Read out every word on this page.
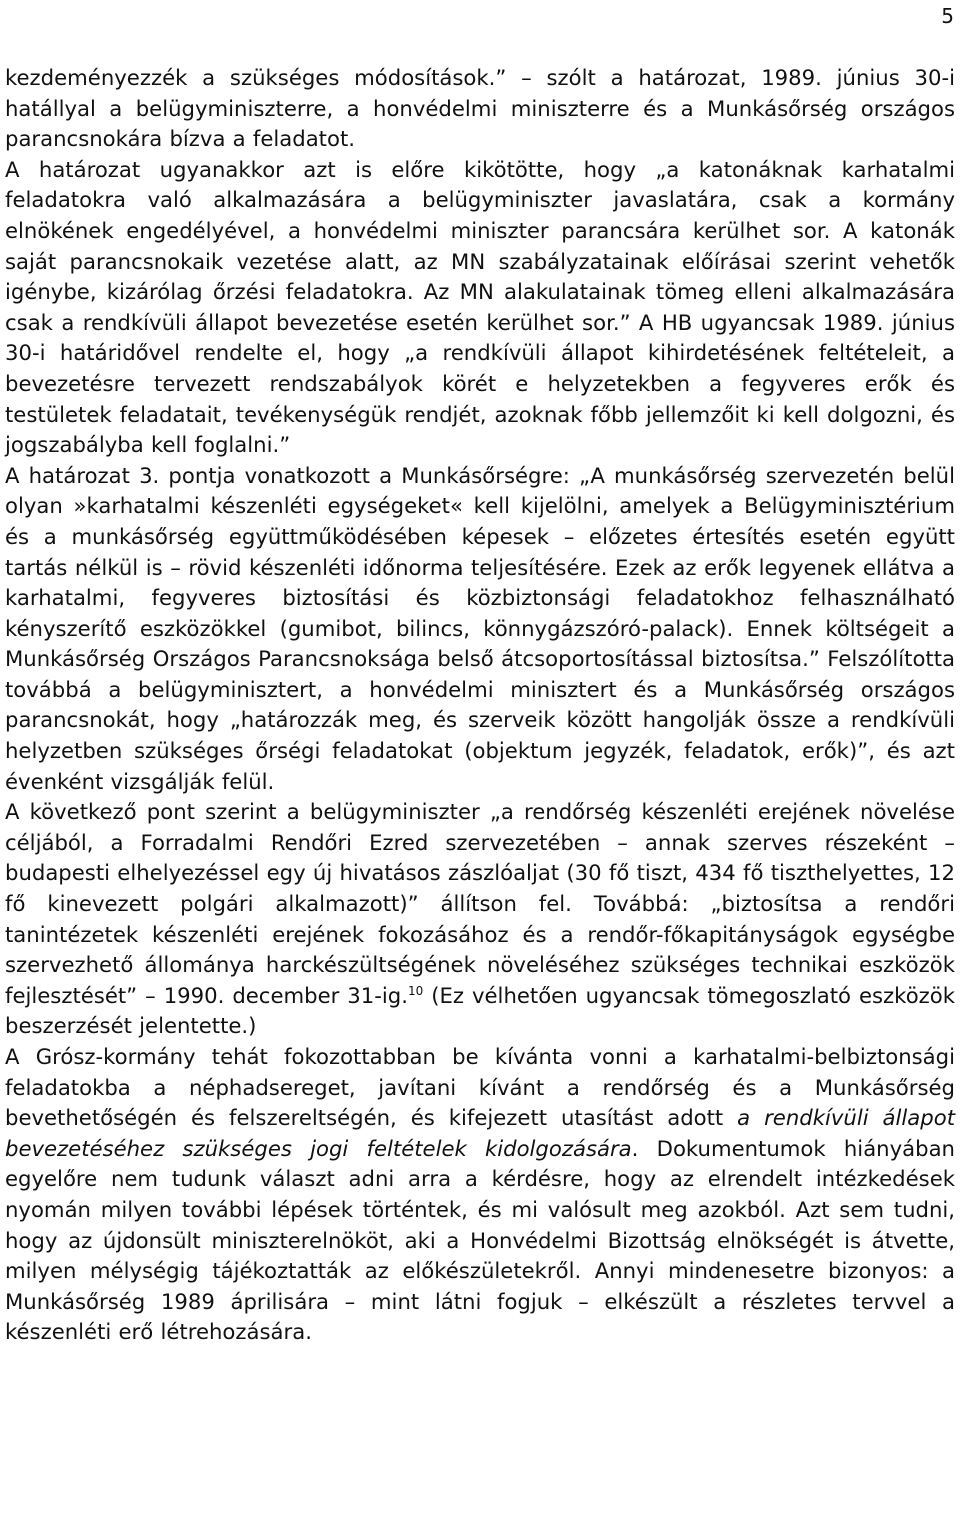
5

kezdeményezzék a szükséges módosítások.” – szólt a határozat, 1989. június 30-i hatállyal a belügyminiszterre, a honvédelmi miniszterre és a Munkásőrség országos parancsnokára bízva a feladatot.

A határozat ugyanakkor azt is előre kikötötte, hogy „a katonáknak karhatalmi feladatokra való alkalmazására a belügyminiszter javaslatára, csak a kormány elnökének engedélyével, a honvédelmi miniszter parancsára kerülhet sor. A katonák saját parancsnokaik vezetése alatt, az MN szabályzatainak előírásai szerint vehetők igénybe, kizárólag őrzési feladatokra. Az MN alakulatainak tömeg elleni alkalmazására csak a rendkívüli állapot bevezetése esetén kerülhet sor.” A HB ugyancsak 1989. június 30-i határidővel rendelte el, hogy „a rendkívüli állapot kihirdetésének feltételeit, a bevezetésre tervezett rendszabályok körét e helyzetekben a fegyveres erők és testületek feladatait, tevékenységük rendjét, azoknak főbb jellemzőit ki kell dolgozni, és jogszabályba kell foglalni.”

A határozat 3. pontja vonatkozott a Munkásőrségre: „A munkásőrség szervezetén belül olyan »karhatalmi készenléti egységeket« kell kijelölni, amelyek a Belügyminisztérium és a munkásőrség együttműködésében képesek – előzetes értesítés esetén együtt tartás nélkül is – rövid készenléti időnorma teljesítésére. Ezek az erők legyenek ellátva a karhatalmi, fegyveres biztosítási és közbiztonsági feladatokhoz felhasználható kényszerítő eszközökkel (gumibot, bilincs, könnygázszóró-palack). Ennek költségeit a Munkásőrség Országos Parancsnoksága belső átcsoportosítással biztosítsa.” Felszólította továbbá a belügyminisztert, a honvédelmi minisztert és a Munkásőrség országos parancsnokát, hogy „határozzák meg, és szerveik között hangolják össze a rendkívüli helyzetben szükséges őrségi feladatokat (objektum jegyzék, feladatok, erők)”, és azt évenként vizsgálják felül.

A következő pont szerint a belügyminiszter „a rendőrség készenléti erejének növelése céljából, a Forradalmi Rendőri Ezred szervezetében – annak szerves részeként – budapesti elhelyezéssel egy új hivatásos zászlóaljat (30 fő tiszt, 434 fő tiszthelyettes, 12 fő kinevezett polgári alkalmazott)” állítson fel. Továbbá: „biztosítsa a rendőri tanintézetek készenléti erejének fokozásához és a rendőr-főkapitányságok egységbe szervezhető állománya harckészültségének növeléséhez szükséges technikai eszközök fejlesztését” – 1990. december 31-ig.$^{10}$ (Ez vélhetően ugyancsak tömegoszlató eszközök beszerzését jelentette.)

A Grósz-kormány tehát fokozottabban be kívánta vonni a karhatalmi-belbiztonsági feladatokba a néphadsereget, javítani kívánt a rendőrség és a Munkásőrség bevethetőségén és felszereltségén, és kifejezett utasítást adott a rendkívüli állapot bevezetéséhez szükséges jogi feltételek kidolgozására. Dokumentumok hiányában egyelőre nem tudunk választ adni arra a kérdésre, hogy az elrendelt intézkedések nyomán milyen további lépések történtek, és mi valósult meg azokból. Azt sem tudni, hogy az újdonsült miniszterelnököt, aki a Honvédelmi Bizottság elnökségét is átvette, milyen mélységig tájékoztatták az előkészületekről. Annyi mindenesetre bizonyos: a Munkásőrség 1989 áprilisára – mint látni fogjuk – elkészült a részletes tervvel a készenléti erő létrehozására.
